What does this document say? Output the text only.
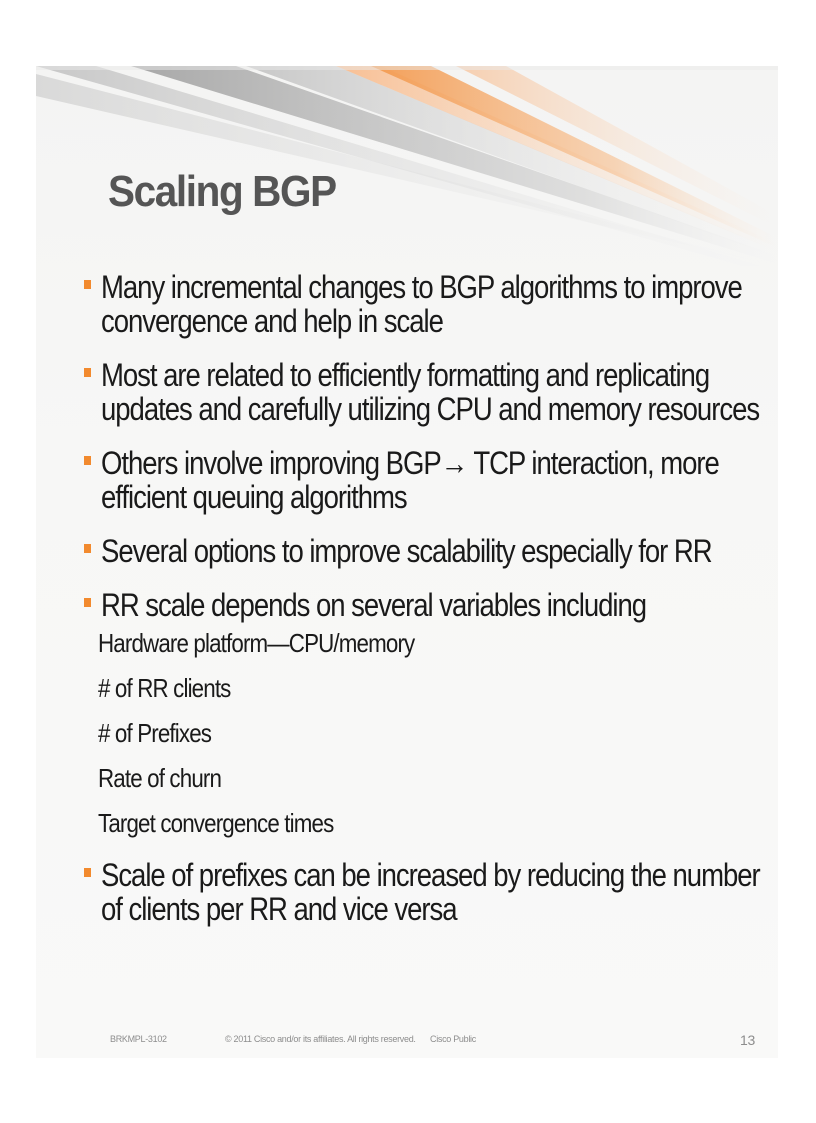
Scaling BGP
Many incremental changes to BGP algorithms to improve convergence and help in scale
Most are related to efficiently formatting and replicating updates and carefully utilizing CPU and memory resources
Others involve improving BGP→ TCP interaction, more efficient queuing algorithms
Several options to improve scalability especially for RR
RR scale depends on several variables including
Hardware platform—CPU/memory
# of RR clients
# of Prefixes
Rate of churn
Target convergence times
Scale of prefixes can be increased by reducing the number of clients per RR and vice versa
BRKMPL-3102	© 2011 Cisco and/or its affiliates. All rights reserved. Cisco Public	13
